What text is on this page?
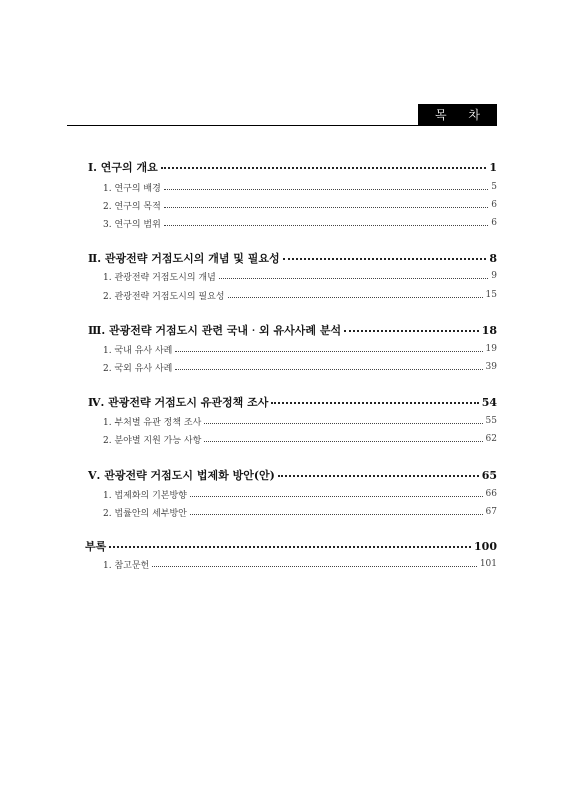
목 차
Ⅰ. 연구의 개요	1
1. 연구의 배경	5
2. 연구의 목적	6
3. 연구의 범위	6
Ⅱ. 관광전략 거점도시의 개념 및 필요성	8
1. 관광전략 거점도시의 개념	9
2. 관광전략 거점도시의 필요성	15
Ⅲ. 관광전략 거점도시 관련 국내‧외 유사사례 분석	18
1. 국내 유사 사례	19
2. 국외 유사 사례	39
Ⅳ. 관광전략 거점도시 유관정책 조사	54
1. 부처별 유관 정책 조사	55
2. 분야별 지원 가능 사항	62
Ⅴ. 관광전략 거점도시 법제화 방안(안)	65
1. 법제화의 기본방향	66
2. 법률안의 세부방안	67
부록	100
1. 참고문헌	101
